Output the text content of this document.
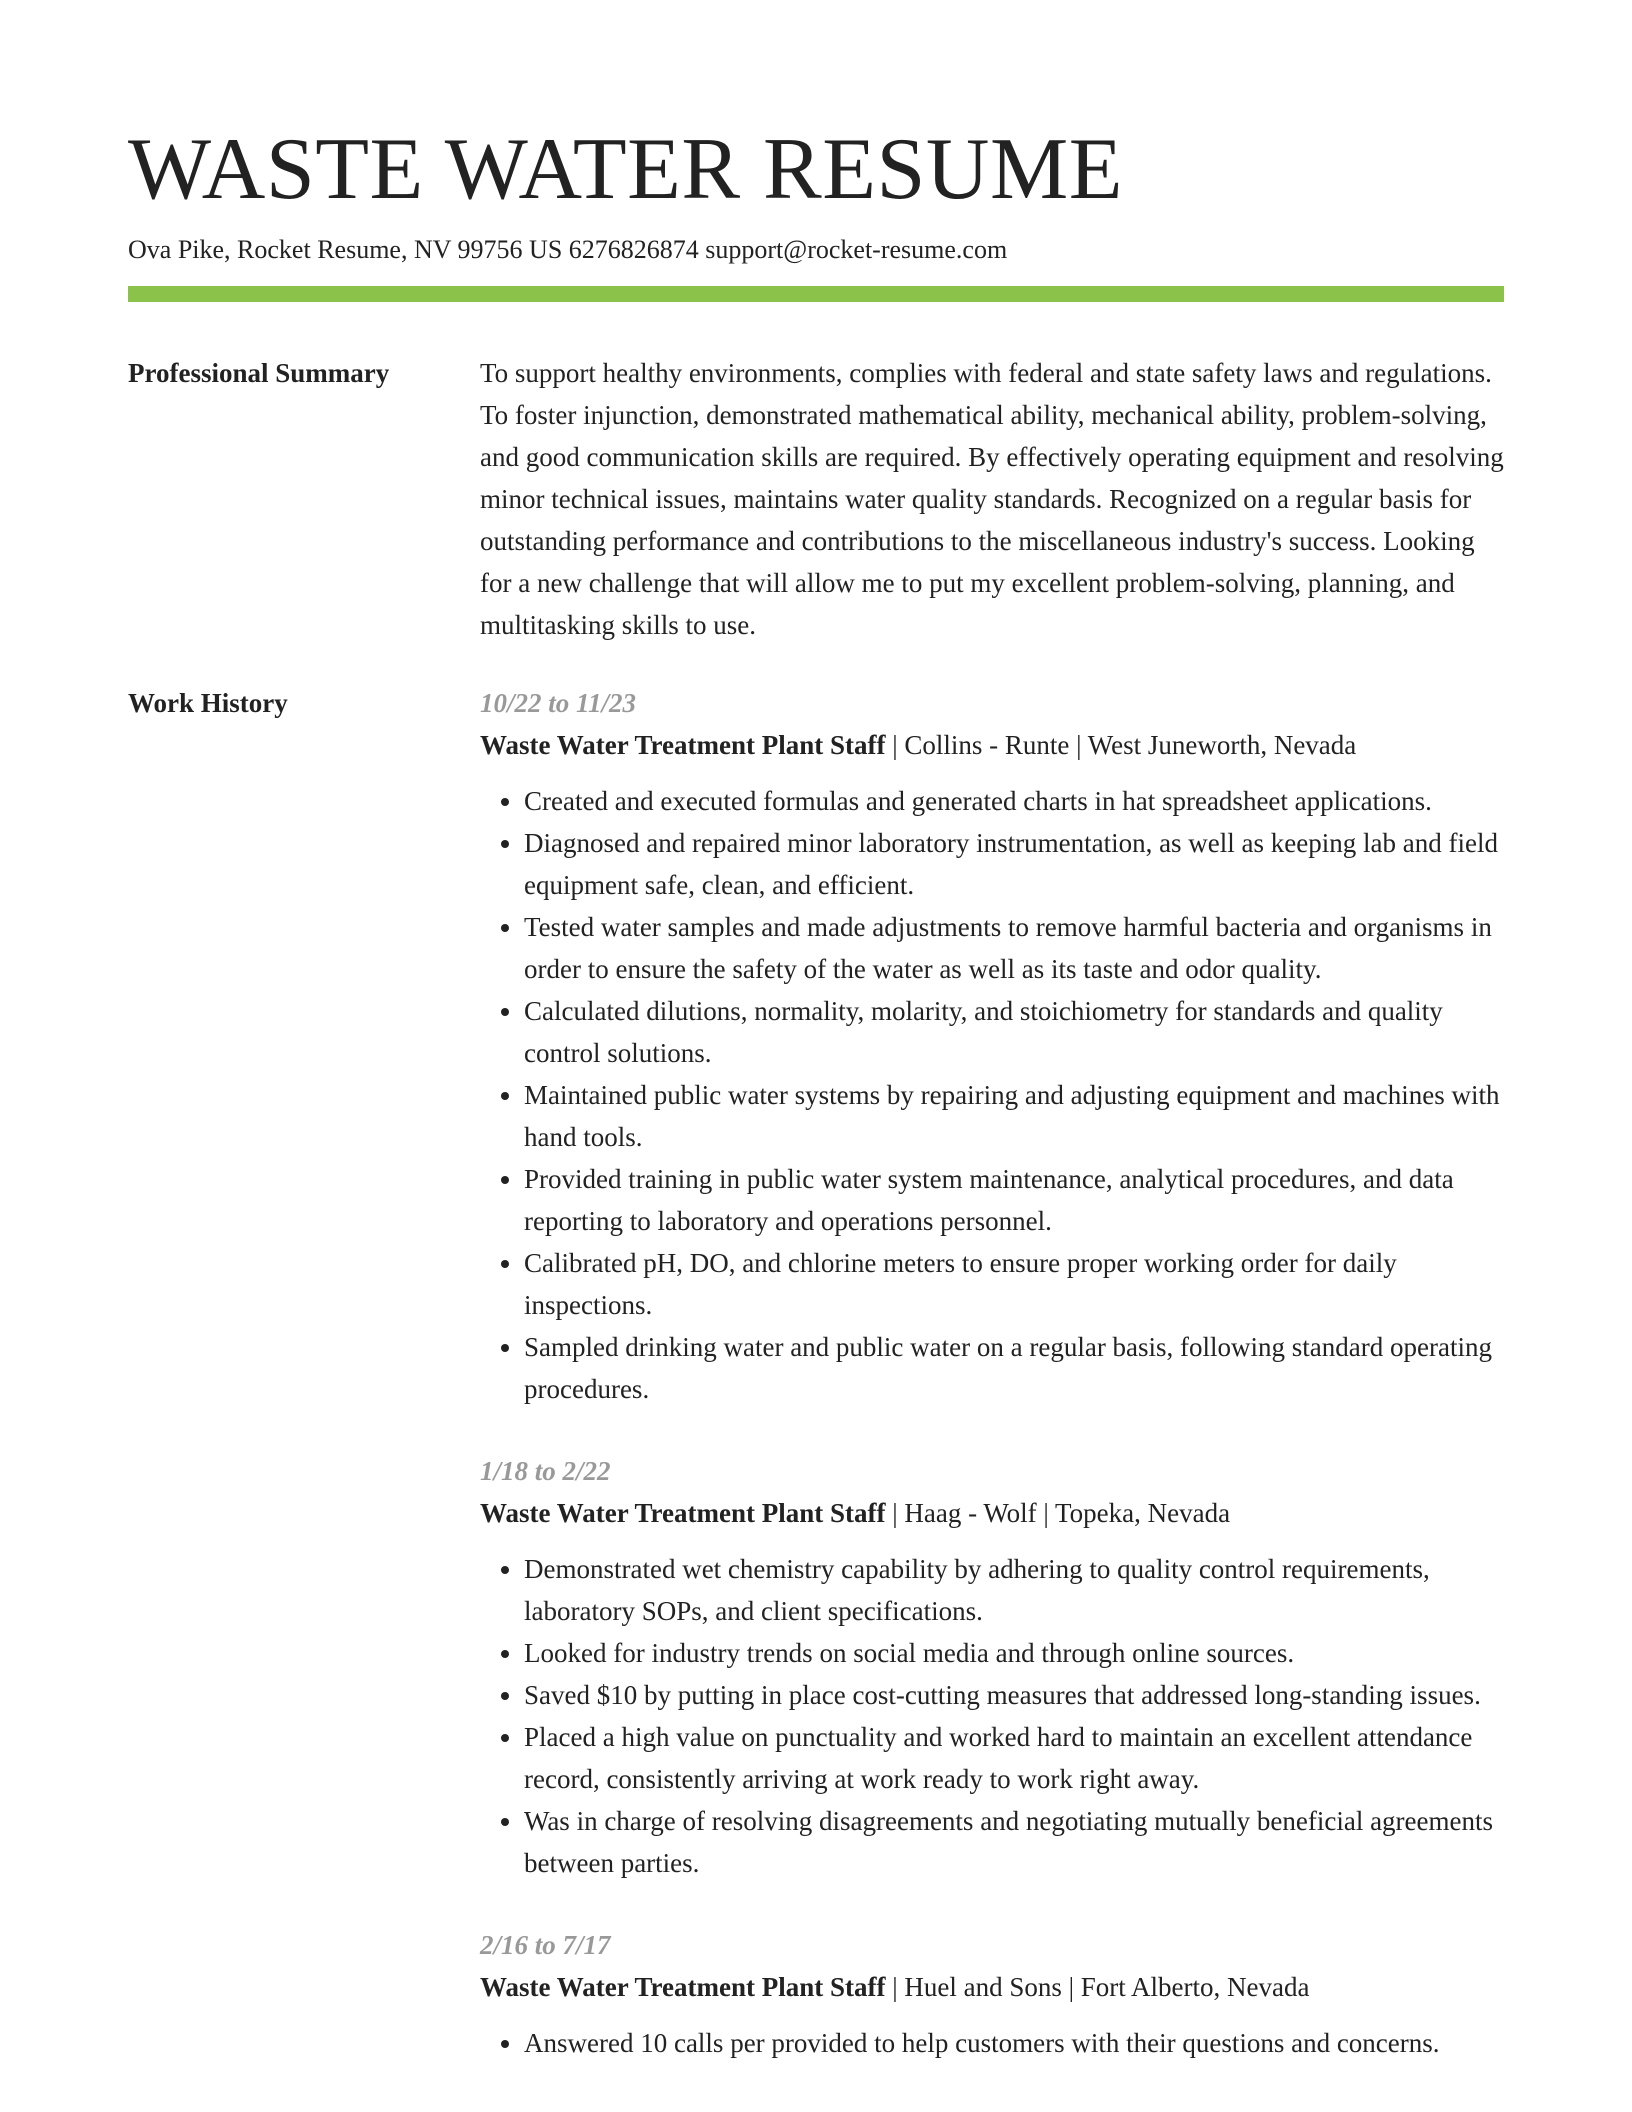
WASTE WATER RESUME
Ova Pike, Rocket Resume, NV 99756 US 6276826874 support@rocket-resume.com
Professional Summary	To support healthy environments, complies with federal and state safety laws and regulations. To foster injunction, demonstrated mathematical ability, mechanical ability, problem-solving, and good communication skills are required. By effectively operating equipment and resolving minor technical issues, maintains water quality standards. Recognized on a regular basis for outstanding performance and contributions to the miscellaneous industry's success. Looking for a new challenge that will allow me to put my excellent problem-solving, planning, and multitasking skills to use.

Work History	10/22 to 11/23
Waste Water Treatment Plant Staff | Collins - Runte | West Juneworth, Nevada
• Created and executed formulas and generated charts in hat spreadsheet applications.
• Diagnosed and repaired minor laboratory instrumentation, as well as keeping lab and field equipment safe, clean, and efficient.
• Tested water samples and made adjustments to remove harmful bacteria and organisms in order to ensure the safety of the water as well as its taste and odor quality.
• Calculated dilutions, normality, molarity, and stoichiometry for standards and quality control solutions.
• Maintained public water systems by repairing and adjusting equipment and machines with hand tools.
• Provided training in public water system maintenance, analytical procedures, and data reporting to laboratory and operations personnel.
• Calibrated pH, DO, and chlorine meters to ensure proper working order for daily inspections.
• Sampled drinking water and public water on a regular basis, following standard operating procedures.
1/18 to 2/22
Waste Water Treatment Plant Staff | Haag - Wolf | Topeka, Nevada
• Demonstrated wet chemistry capability by adhering to quality control requirements, laboratory SOPs, and client specifications.
• Looked for industry trends on social media and through online sources.
• Saved $10 by putting in place cost-cutting measures that addressed long-standing issues.
• Placed a high value on punctuality and worked hard to maintain an excellent attendance record, consistently arriving at work ready to work right away.
• Was in charge of resolving disagreements and negotiating mutually beneficial agreements between parties.
2/16 to 7/17
Waste Water Treatment Plant Staff | Huel and Sons | Fort Alberto, Nevada
• Answered 10 calls per provided to help customers with their questions and concerns.
